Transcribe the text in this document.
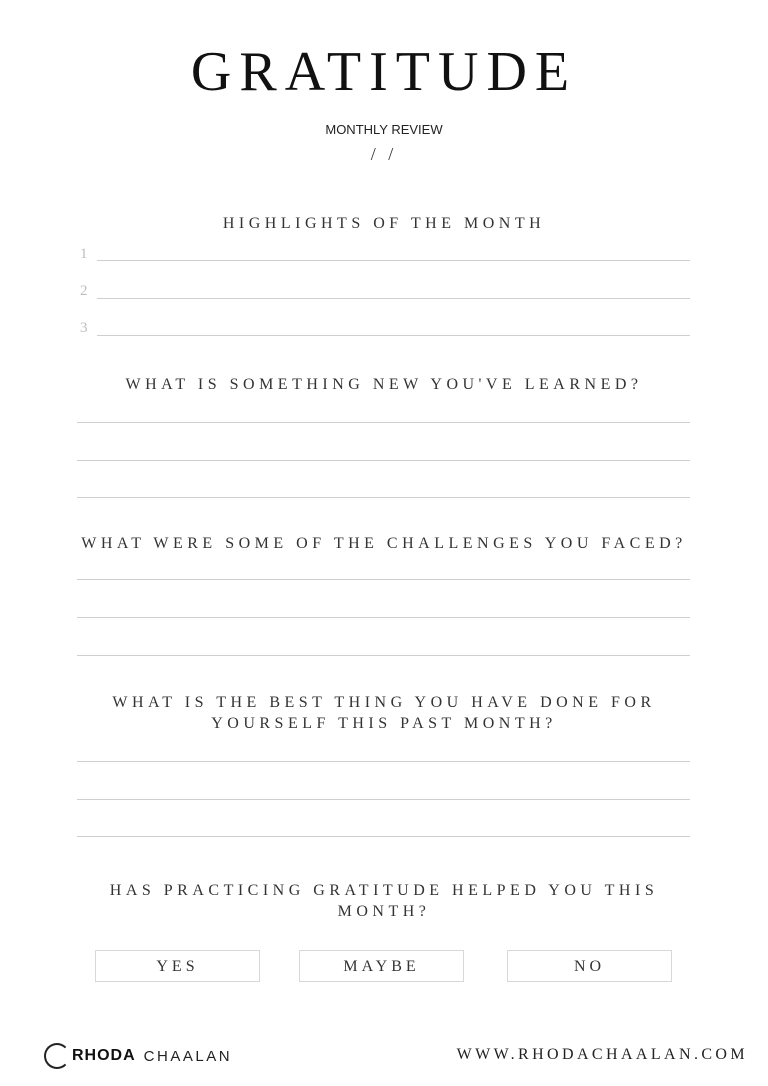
GRATITUDE
MONTHLY REVIEW
/ /
HIGHLIGHTS OF THE MONTH
1
2
3
WHAT IS SOMETHING NEW YOU'VE LEARNED?
WHAT WERE SOME OF THE CHALLENGES YOU FACED?
WHAT IS THE BEST THING YOU HAVE DONE FOR
YOURSELF THIS PAST MONTH?
HAS PRACTICING GRATITUDE HELPED YOU THIS
MONTH?
YES	MAYBE	NO
RHODA CHAALAN	WWW.RHODACHAALAN.COM
